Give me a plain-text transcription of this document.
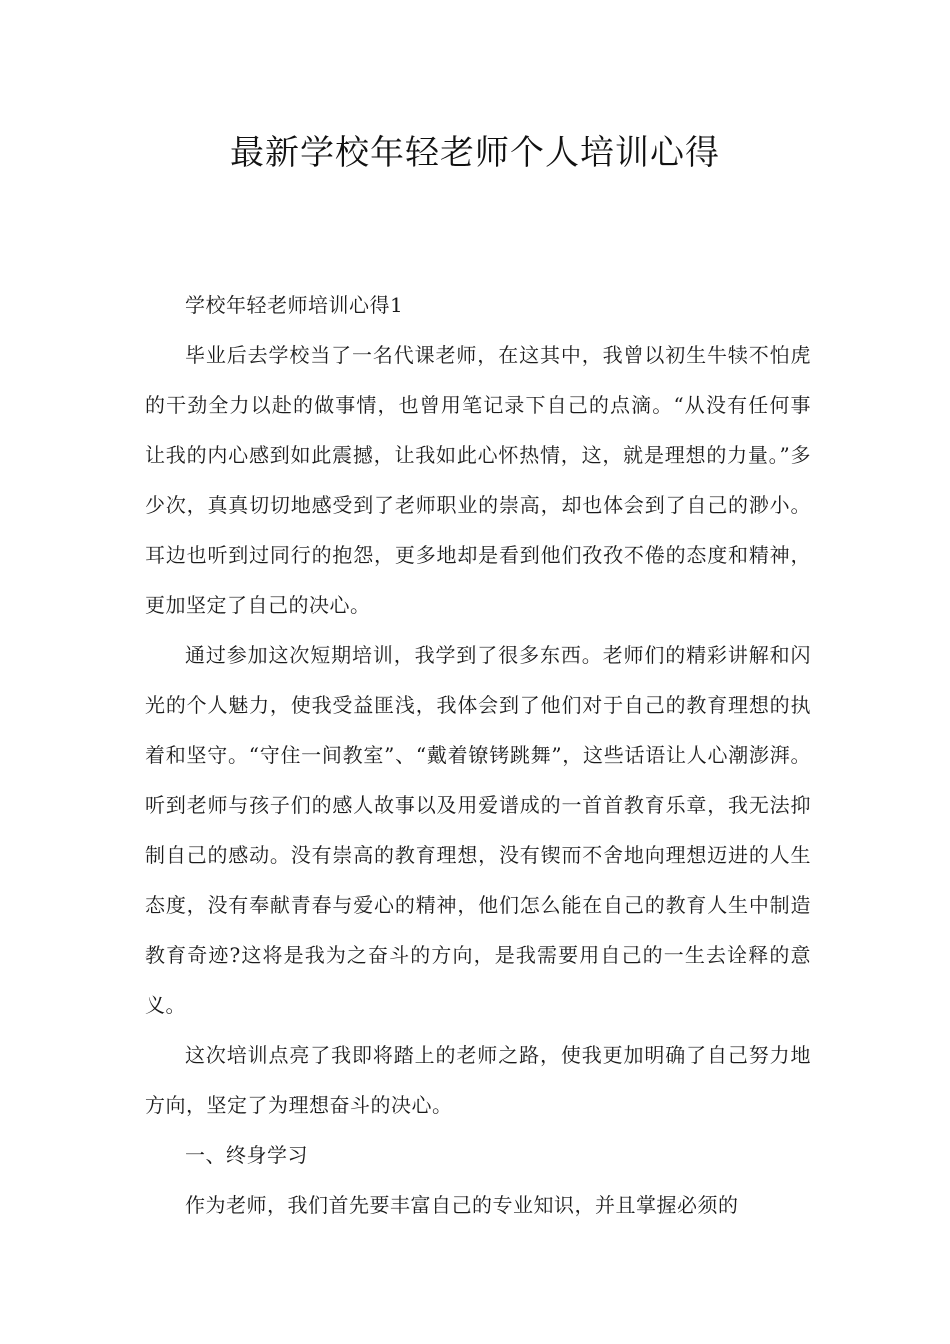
最新学校年轻老师个人培训心得

学校年轻老师培训心得1

毕业后去学校当了一名代课老师，在这其中，我曾以初生牛犊不怕虎的干劲全力以赴的做事情，也曾用笔记录下自己的点滴。“从没有任何事让我的内心感到如此震撼，让我如此心怀热情，这，就是理想的力量。”多少次，真真切切地感受到了老师职业的崇高，却也体会到了自己的渺小。耳边也听到过同行的抱怨，更多地却是看到他们孜孜不倦的态度和精神，更加坚定了自己的决心。

通过参加这次短期培训，我学到了很多东西。老师们的精彩讲解和闪光的个人魅力，使我受益匪浅，我体会到了他们对于自己的教育理想的执着和坚守。“守住一间教室”、“戴着镣铐跳舞”，这些话语让人心潮澎湃。听到老师与孩子们的感人故事以及用爱谱成的一首首教育乐章，我无法抑制自己的感动。没有崇高的教育理想，没有锲而不舍地向理想迈进的人生态度，没有奉献青春与爱心的精神，他们怎么能在自己的教育人生中制造教育奇迹?这将是我为之奋斗的方向，是我需要用自己的一生去诠释的意义。

这次培训点亮了我即将踏上的老师之路，使我更加明确了自己努力地方向，坚定了为理想奋斗的决心。

一、终身学习

作为老师，我们首先要丰富自己的专业知识，并且掌握必须的
